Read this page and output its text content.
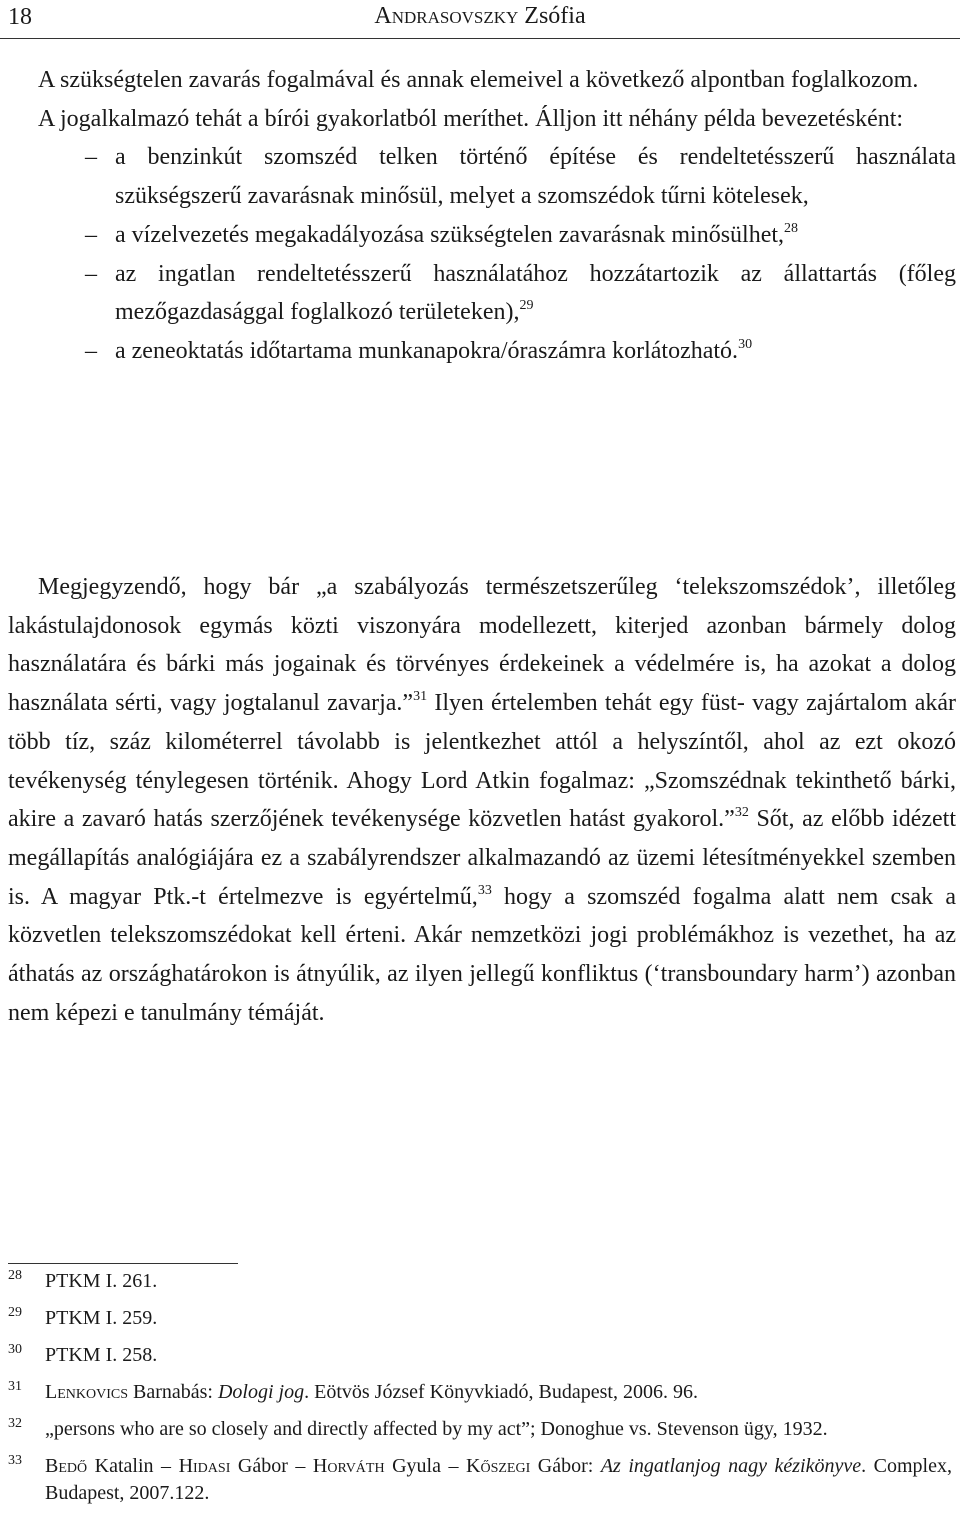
18	Andrasovszky Zsófia

A szükségtelen zavarás fogalmával és annak elemeivel a következő alpontban foglalkozom.

A jogalkalmazó tehát a bírói gyakorlatból meríthet. Álljon itt néhány példa bevezetésként:

– a benzinkút szomszéd telken történő építése és rendeltetésszerű használata szükségszerű zavarásnak minősül, melyet a szomszédok tűrni kötelesek,
– a vízelvezetés megakadályozása szükségtelen zavarásnak minősülhet,$^{28}$
– az ingatlan rendeltetésszerű használatához hozzátartozik az állattartás (főleg mezőgazdasággal foglalkozó területeken),$^{29}$
– a zeneoktatás időtartama munkanapokra/óraszámra korlátozható.$^{30}$

Megjegyzendő, hogy bár „a szabályozás természetszerűleg ‘telekszomszédok’, illetőleg lakástulajdonosok egymás közti viszonyára modellezett, kiterjed azonban bármely dolog használatára és bárki más jogainak és törvényes érdekeinek a védelmére is, ha azokat a dolog használata sérti, vagy jogtalanul zavarja.”$^{31}$ Ilyen értelemben tehát egy füst- vagy zajártalom akár több tíz, száz kilométerrel távolabb is jelentkezhet attól a helyszíntől, ahol az ezt okozó tevékenység ténylegesen történik. Ahogy Lord Atkin fogalmaz: „Szomszédnak tekinthető bárki, akire a zavaró hatás szerzőjének tevékenysége közvetlen hatást gyakorol.”$^{32}$ Sőt, az előbb idézett megállapítás analógiájára ez a szabályrendszer alkalmazandó az üzemi létesítményekkel szemben is. A magyar Ptk.-t értelmezve is egyértelmű,$^{33}$ hogy a szomszéd fogalma alatt nem csak a közvetlen telekszomszédokat kell érteni. Akár nemzetközi jogi problémákhoz is vezethet, ha az áthatás az országhatárokon is átnyúlik, az ilyen jellegű konfliktus (‘transboundary harm’) azonban nem képezi e tanulmány témáját.

28 PTKM I. 261.
29 PTKM I. 259.
30 PTKM I. 258.
31 Lenkovics Barnabás: Dologi jog. Eötvös József Könyvkiadó, Budapest, 2006. 96.
32 „persons who are so closely and directly affected by my act”; Donoghue vs. Stevenson ügy, 1932.
33 Bedő Katalin – Hidasi Gábor – Horváth Gyula – Kőszegi Gábor: Az ingatlanjog nagy kézikönyve. Complex, Budapest, 2007.122.
